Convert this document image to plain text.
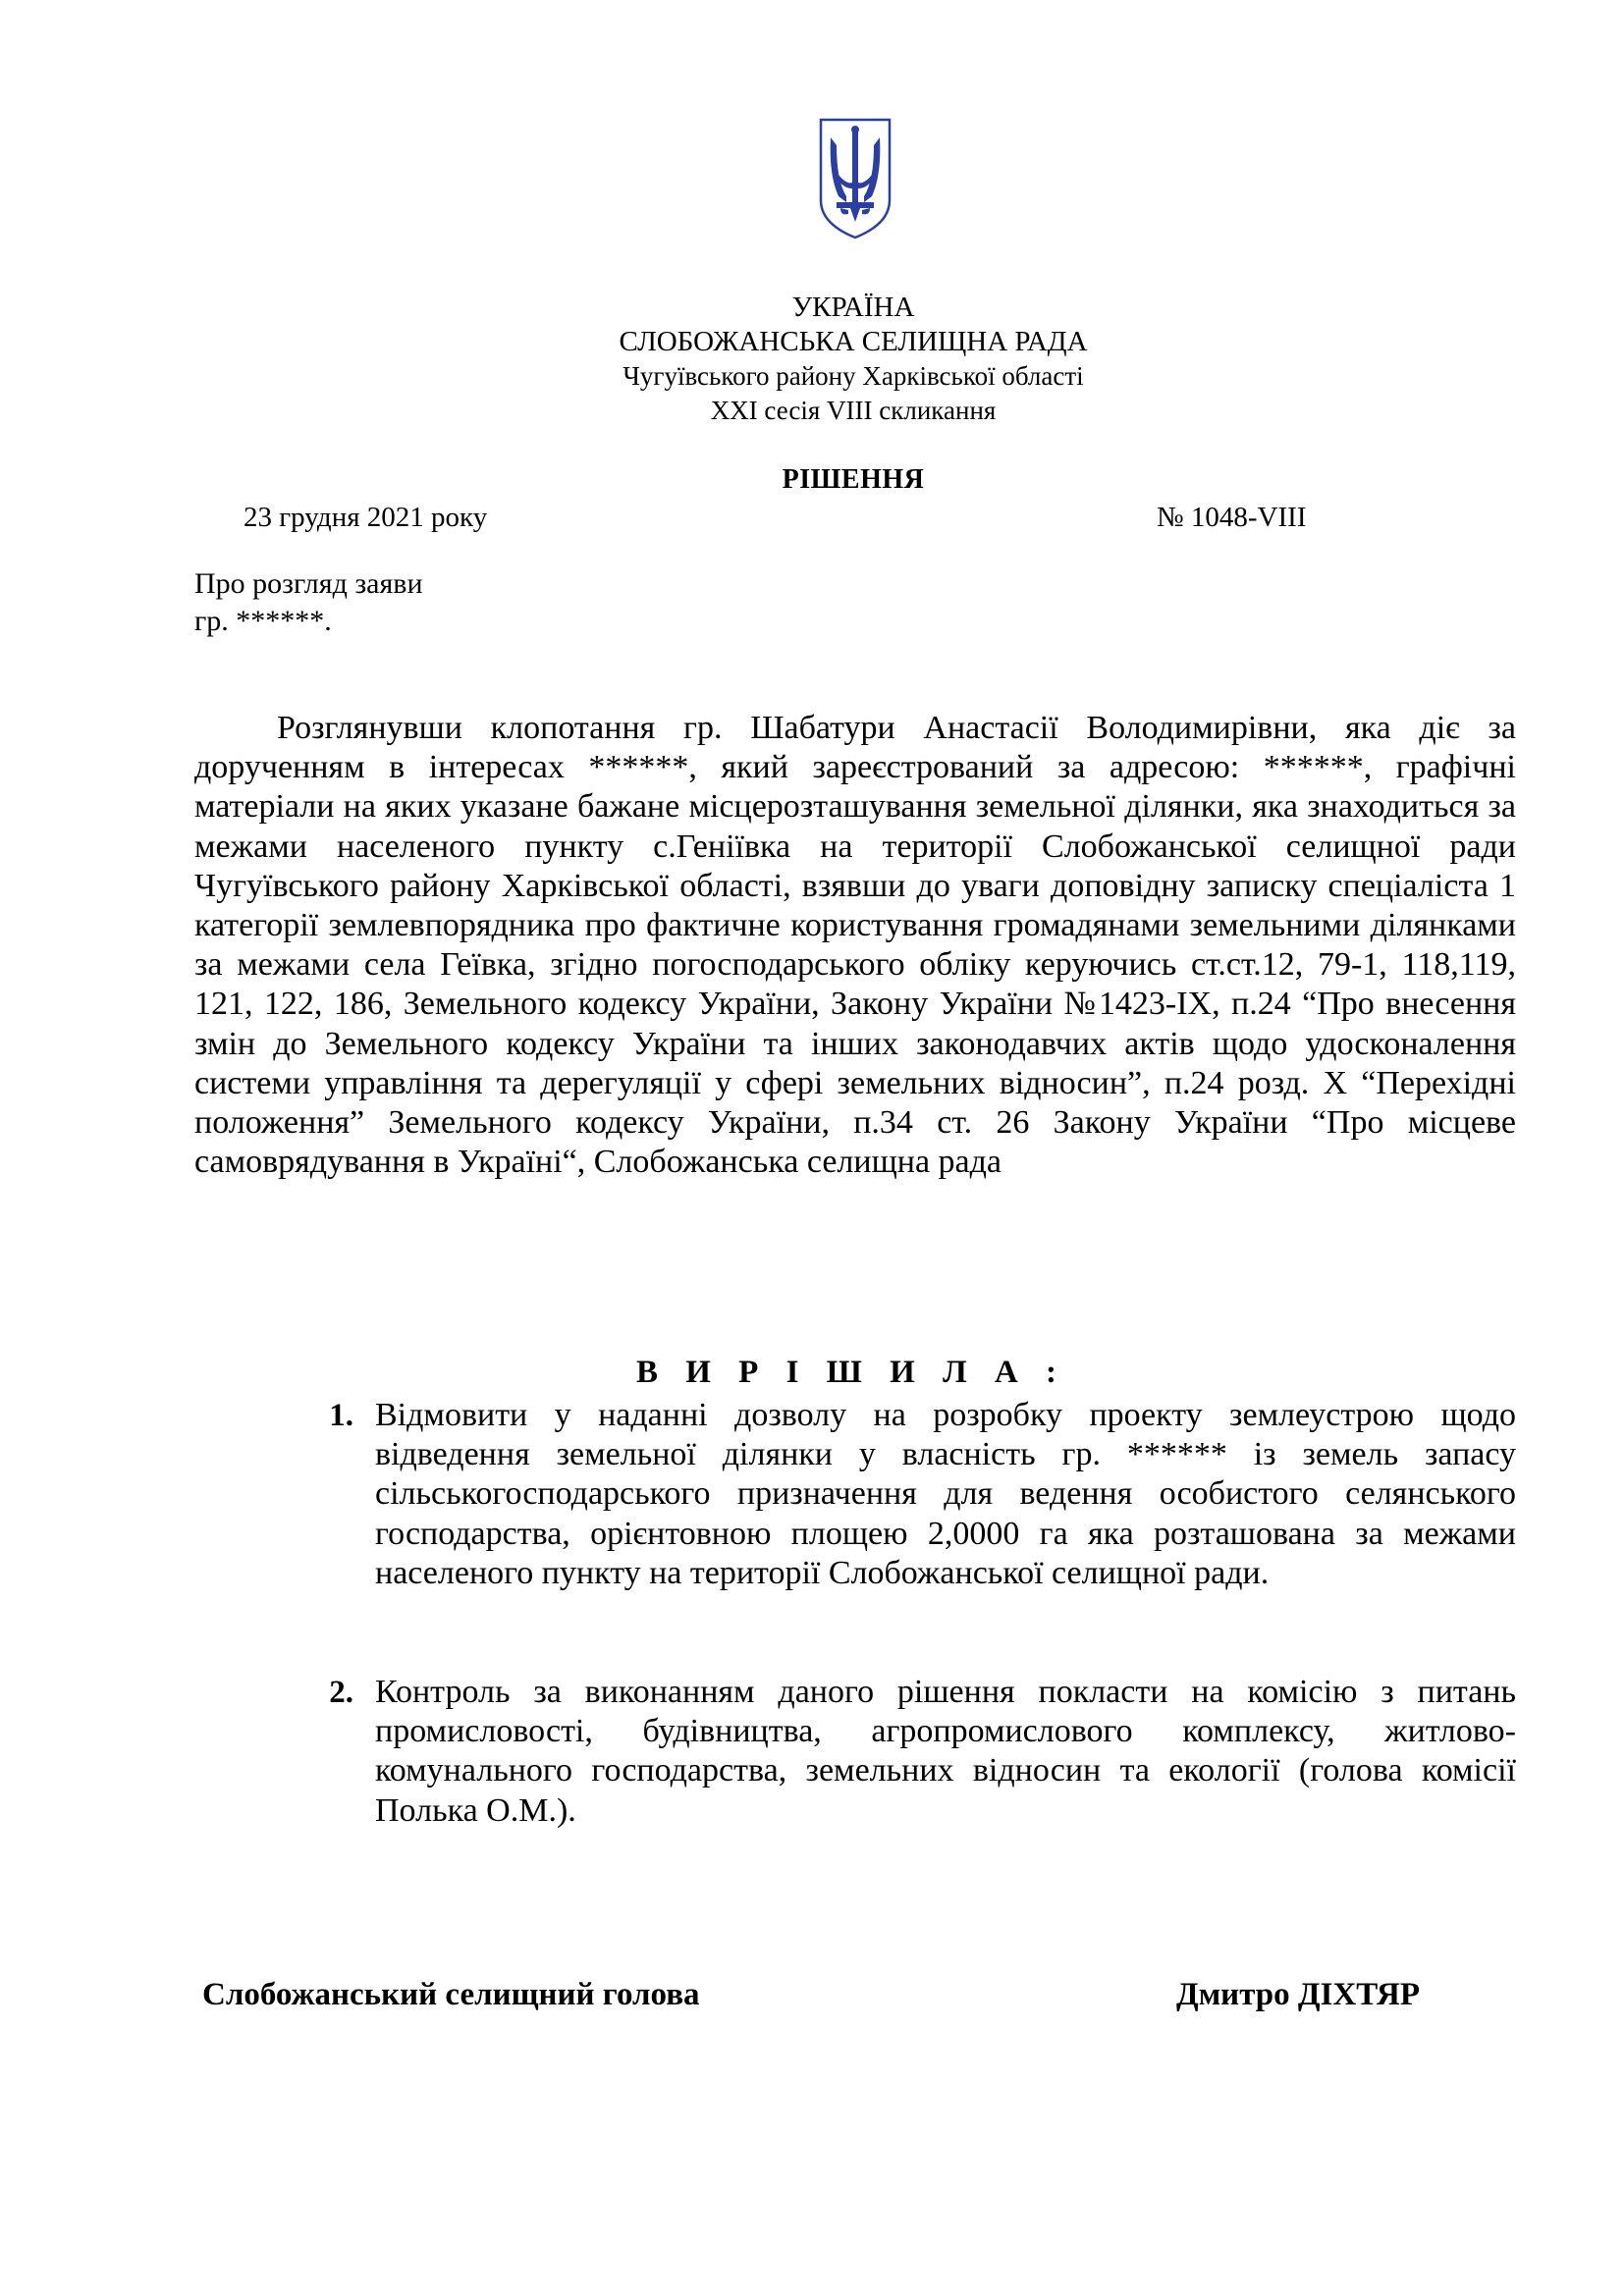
УКРАЇНА
СЛОБОЖАНСЬКА СЕЛИЩНА РАДА
Чугуївського району Харківської області
XXI сесія VIII скликання
РІШЕННЯ
23 грудня 2021 року	№ 1048-VIII
Про розгляд заяви
гр. ******.

Розглянувши клопотання гр. Шабатури Анастасії Володимирівни, яка діє за дорученням в інтересах ******, який зареєстрований за адресою: ******, графічні матеріали на яких указане бажане місцерозташування земельної ділянки, яка знаходиться за межами населеного пункту с.Геніївка на території Слобожанської селищної ради Чугуївського району Харківської області, взявши до уваги доповідну записку спеціаліста 1 категорії землевпорядника про фактичне користування громадянами земельними ділянками за межами села Геївка, згідно погосподарського обліку керуючись ст.ст.12, 79-1, 118,119, 121, 122, 186, Земельного кодексу України, Закону України №1423-IX, п.24 “Про внесення змін до Земельного кодексу України та інших законодавчих актів щодо удосконалення системи управління та дерегуляції у сфері земельних відносин”, п.24 розд. Х “Перехідні положення” Земельного кодексу України, п.34 ст. 26 Закону України “Про місцеве самоврядування в Україні“, Слобожанська селищна рада

В И Р І Ш И Л А :
1. Відмовити у наданні дозволу на розробку проекту землеустрою щодо відведення земельної ділянки у власність гр. ****** із земель запасу сільськогосподарського призначення для ведення особистого селянського господарства, орієнтовною площею 2,0000 га яка розташована за межами населеного пункту на території Слобожанської селищної ради.

2. Контроль за виконанням даного рішення покласти на комісію з питань промисловості, будівництва, агропромислового комплексу, житлово-комунального господарства, земельних відносин та екології (голова комісії Полька О.М.).

Слобожанський селищний голова	Дмитро ДІХТЯР
